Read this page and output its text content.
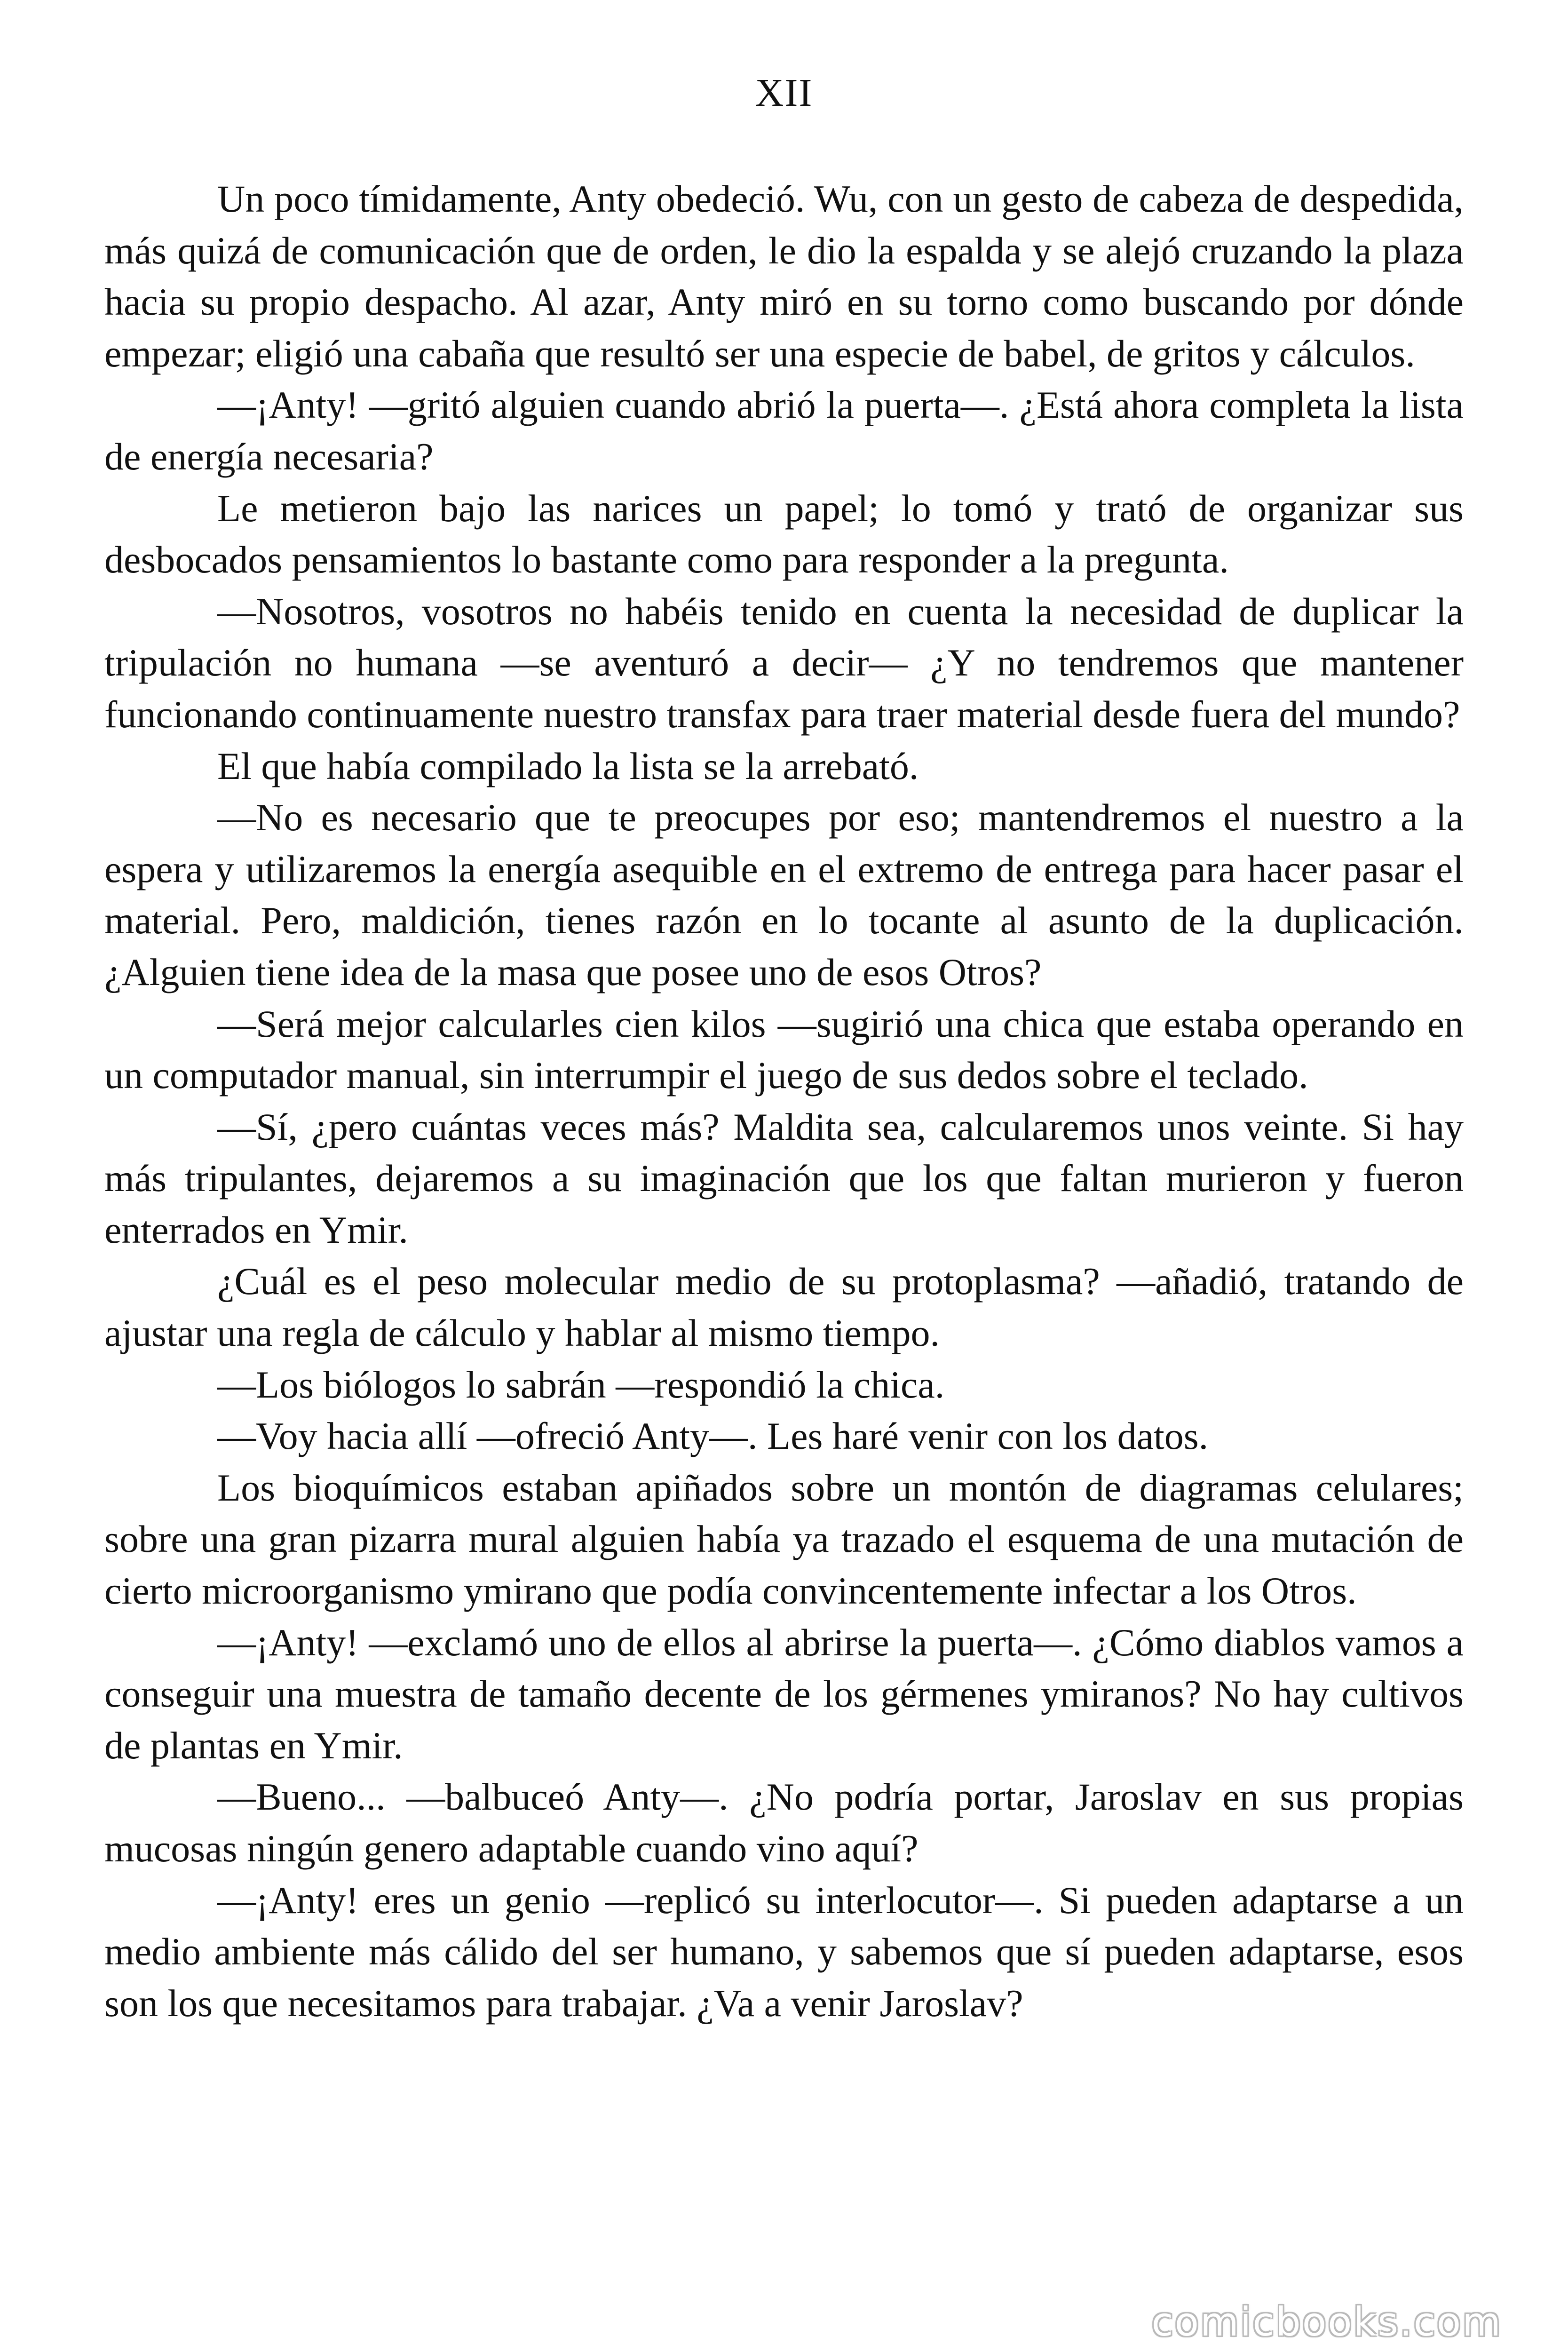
XII

Un poco tímidamente, Anty obedeció. Wu, con un gesto de cabeza de despedida, más quizá de comunicación que de orden, le dio la espalda y se alejó cruzando la plaza hacia su propio despacho. Al azar, Anty miró en su torno como buscando por dónde empezar; eligió una cabaña que resultó ser una especie de babel, de gritos y cálculos.

—¡Anty! —gritó alguien cuando abrió la puerta—. ¿Está ahora completa la lista de energía necesaria?

Le metieron bajo las narices un papel; lo tomó y trató de organizar sus desbocados pensamientos lo bastante como para responder a la pregunta.

—Nosotros, vosotros no habéis tenido en cuenta la necesidad de duplicar la tripulación no humana —se aventuró a decir— ¿Y no tendremos que mantener funcionando continuamente nuestro transfax para traer material desde fuera del mundo?

El que había compilado la lista se la arrebató.

—No es necesario que te preocupes por eso; mantendremos el nuestro a la espera y utilizaremos la energía asequible en el extremo de entrega para hacer pasar el material. Pero, maldición, tienes razón en lo tocante al asunto de la duplicación. ¿Alguien tiene idea de la masa que posee uno de esos Otros?

—Será mejor calcularles cien kilos —sugirió una chica que estaba operando en un computador manual, sin interrumpir el juego de sus dedos sobre el teclado.

—Sí, ¿pero cuántas veces más? Maldita sea, calcularemos unos veinte. Si hay más tripulantes, dejaremos a su imaginación que los que faltan murieron y fueron enterrados en Ymir.

¿Cuál es el peso molecular medio de su protoplasma? —añadió, tratando de ajustar una regla de cálculo y hablar al mismo tiempo.

—Los biólogos lo sabrán —respondió la chica.

—Voy hacia allí —ofreció Anty—. Les haré venir con los datos.

Los bioquímicos estaban apiñados sobre un montón de diagramas celulares; sobre una gran pizarra mural alguien había ya trazado el esquema de una mutación de cierto microorganismo ymirano que podía convincentemente infectar a los Otros.

—¡Anty! —exclamó uno de ellos al abrirse la puerta—. ¿Cómo diablos vamos a conseguir una muestra de tamaño decente de los gérmenes ymiranos? No hay cultivos de plantas en Ymir.

—Bueno... —balbuceó Anty—. ¿No podría portar, Jaroslav en sus propias mucosas ningún genero adaptable cuando vino aquí?

—¡Anty! eres un genio —replicó su interlocutor—. Si pueden adaptarse a un medio ambiente más cálido del ser humano, y sabemos que sí pueden adaptarse, esos son los que necesitamos para trabajar. ¿Va a venir Jaroslav?

comicbooks.com
